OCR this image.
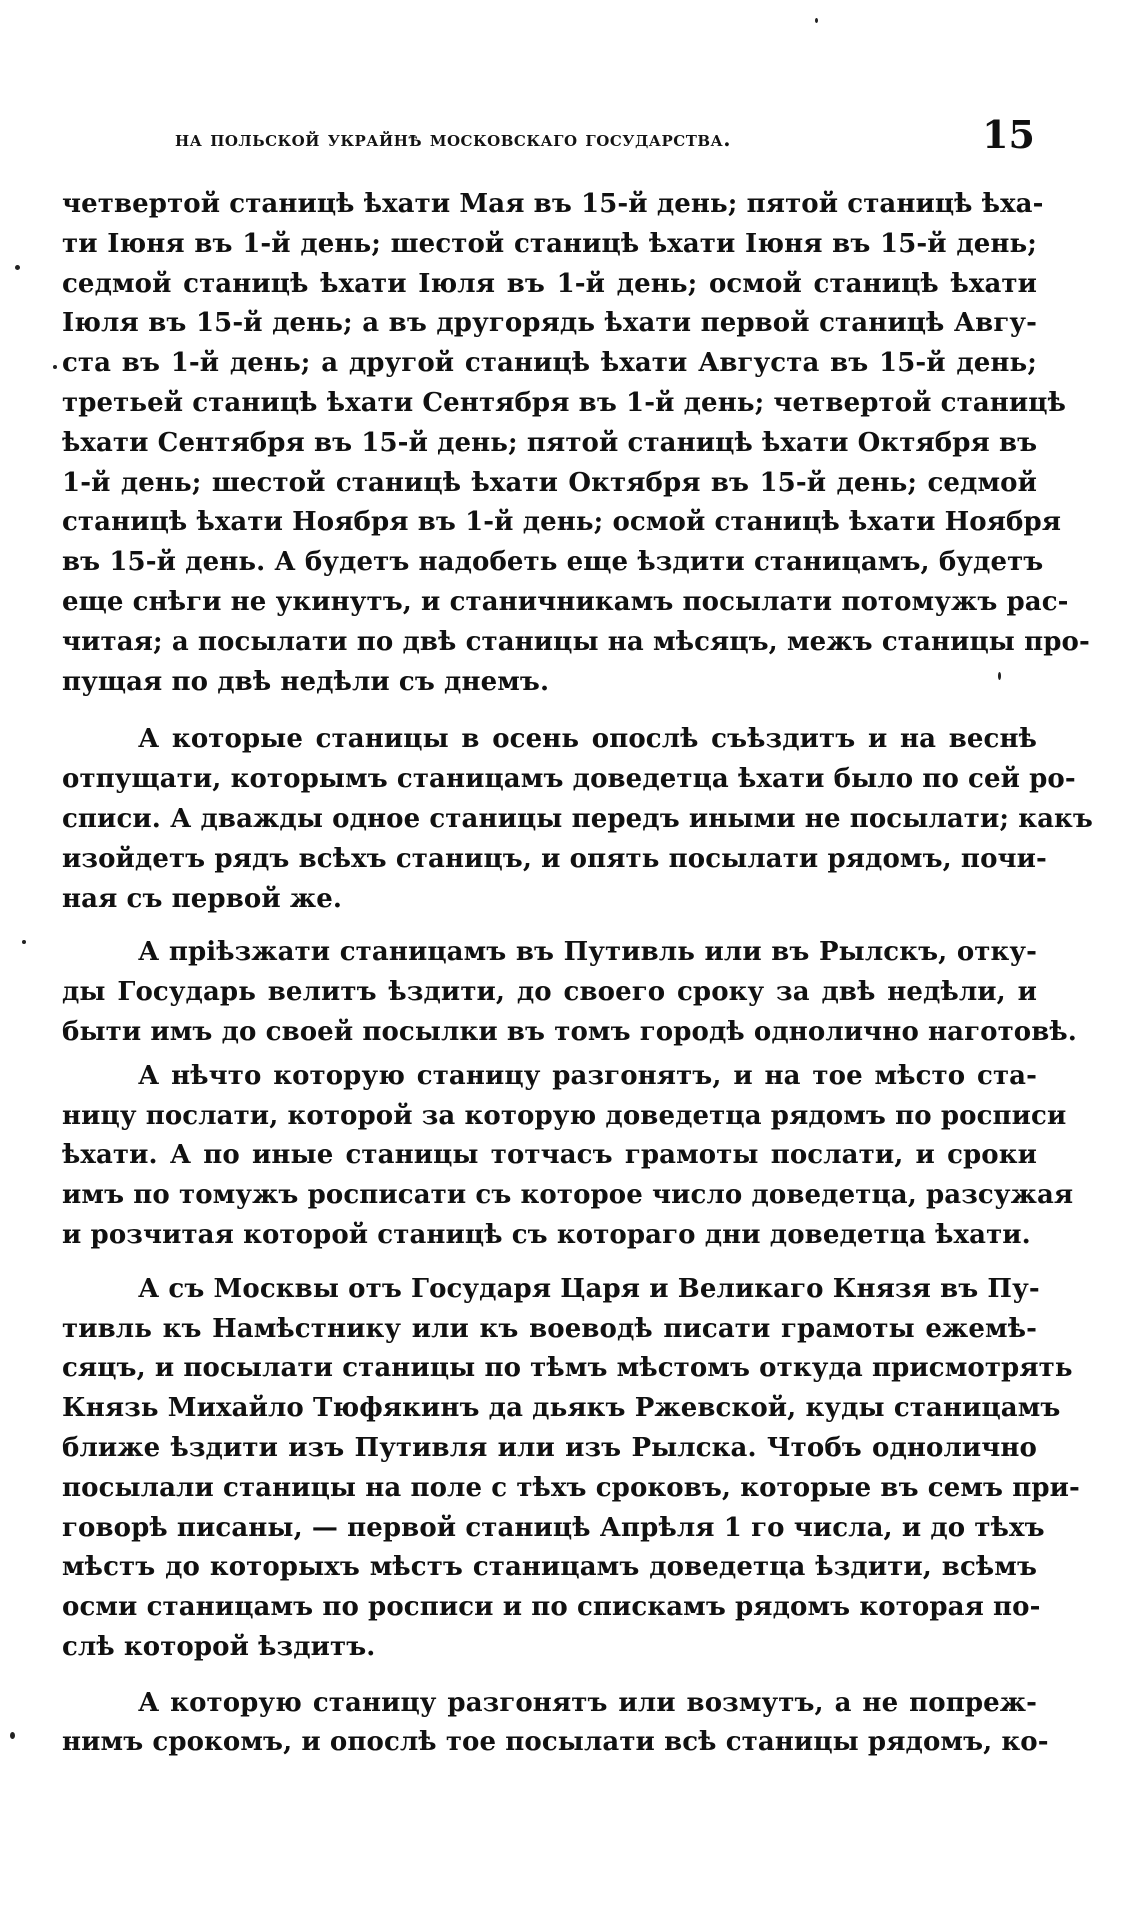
на польской украйнѣ московскаго государства.	15
четвертой станицѣ ѣхати Мая въ 15-й день; пятой станицѣ ѣха-
ти Іюня въ 1-й день; шестой станицѣ ѣхати Іюня въ 15-й день;
седмой станицѣ ѣхати Іюля въ 1-й день; осмой станицѣ ѣхати
Іюля въ 15-й день; а въ другорядь ѣхати первой станицѣ Авгу-
ста въ 1-й день; а другой станицѣ ѣхати Августа въ 15-й день;
третьей станицѣ ѣхати Сентября въ 1-й день; четвертой станицѣ
ѣхати Сентября въ 15-й день; пятой станицѣ ѣхати Октября въ
1-й день; шестой станицѣ ѣхати Октября въ 15-й день; седмой
станицѣ ѣхати Ноября въ 1-й день; осмой станицѣ ѣхати Ноября
въ 15-й день. А будетъ надобеть еще ѣздити станицамъ, будетъ
еще снѣги не укинутъ, и станичникамъ посылати потомужъ рас-
читая; а посылати по двѣ станицы на мѣсяцъ, межъ станицы про-
пущая по двѣ недѣли съ днемъ.
А которые станицы в осень опослѣ съѣздитъ и на веснѣ
отпущати, которымъ станицамъ доведетца ѣхати было по сей ро-
списи. А дважды одное станицы передъ иными не посылати; какъ
изойдетъ рядъ всѣхъ станицъ, и опять посылати рядомъ, почи-
ная съ первой же.
А пріѣзжати станицамъ въ Путивль или въ Рылскъ, отку-
ды Государь велитъ ѣздити, до своего сроку за двѣ недѣли, и
быти имъ до своей посылки въ томъ городѣ однолично наготовѣ.
А нѣчто которую станицу разгонятъ, и на тое мѣсто ста-
ницу послати, которой за которую доведетца рядомъ по росписи
ѣхати. А по иные станицы тотчасъ грамоты послати, и сроки
имъ по томужъ росписати съ которое число доведетца, разсужая
и розчитая которой станицѣ съ котораго дни доведетца ѣхати.
А съ Москвы отъ Государя Царя и Великаго Князя въ Пу-
тивль къ Намѣстнику или къ воеводѣ писати грамоты ежемѣ-
сяцъ, и посылати станицы по тѣмъ мѣстомъ откуда присмотрять
Князь Михайло Тюфякинъ да дьякъ Ржевской, куды станицамъ
ближе ѣздити изъ Путивля или изъ Рылска. Чтобъ однолично
посылали станицы на поле с тѣхъ сроковъ, которые въ семъ при-
говорѣ писаны, — первой станицѣ Апрѣля 1 го числа, и до тѣхъ
мѣстъ до которыхъ мѣстъ станицамъ доведетца ѣздити, всѣмъ
осми станицамъ по росписи и по спискамъ рядомъ которая по-
слѣ которой ѣздитъ.
А которую станицу разгонятъ или возмутъ, а не попреж-
нимъ срокомъ, и опослѣ тое посылати всѣ станицы рядомъ, ко-
